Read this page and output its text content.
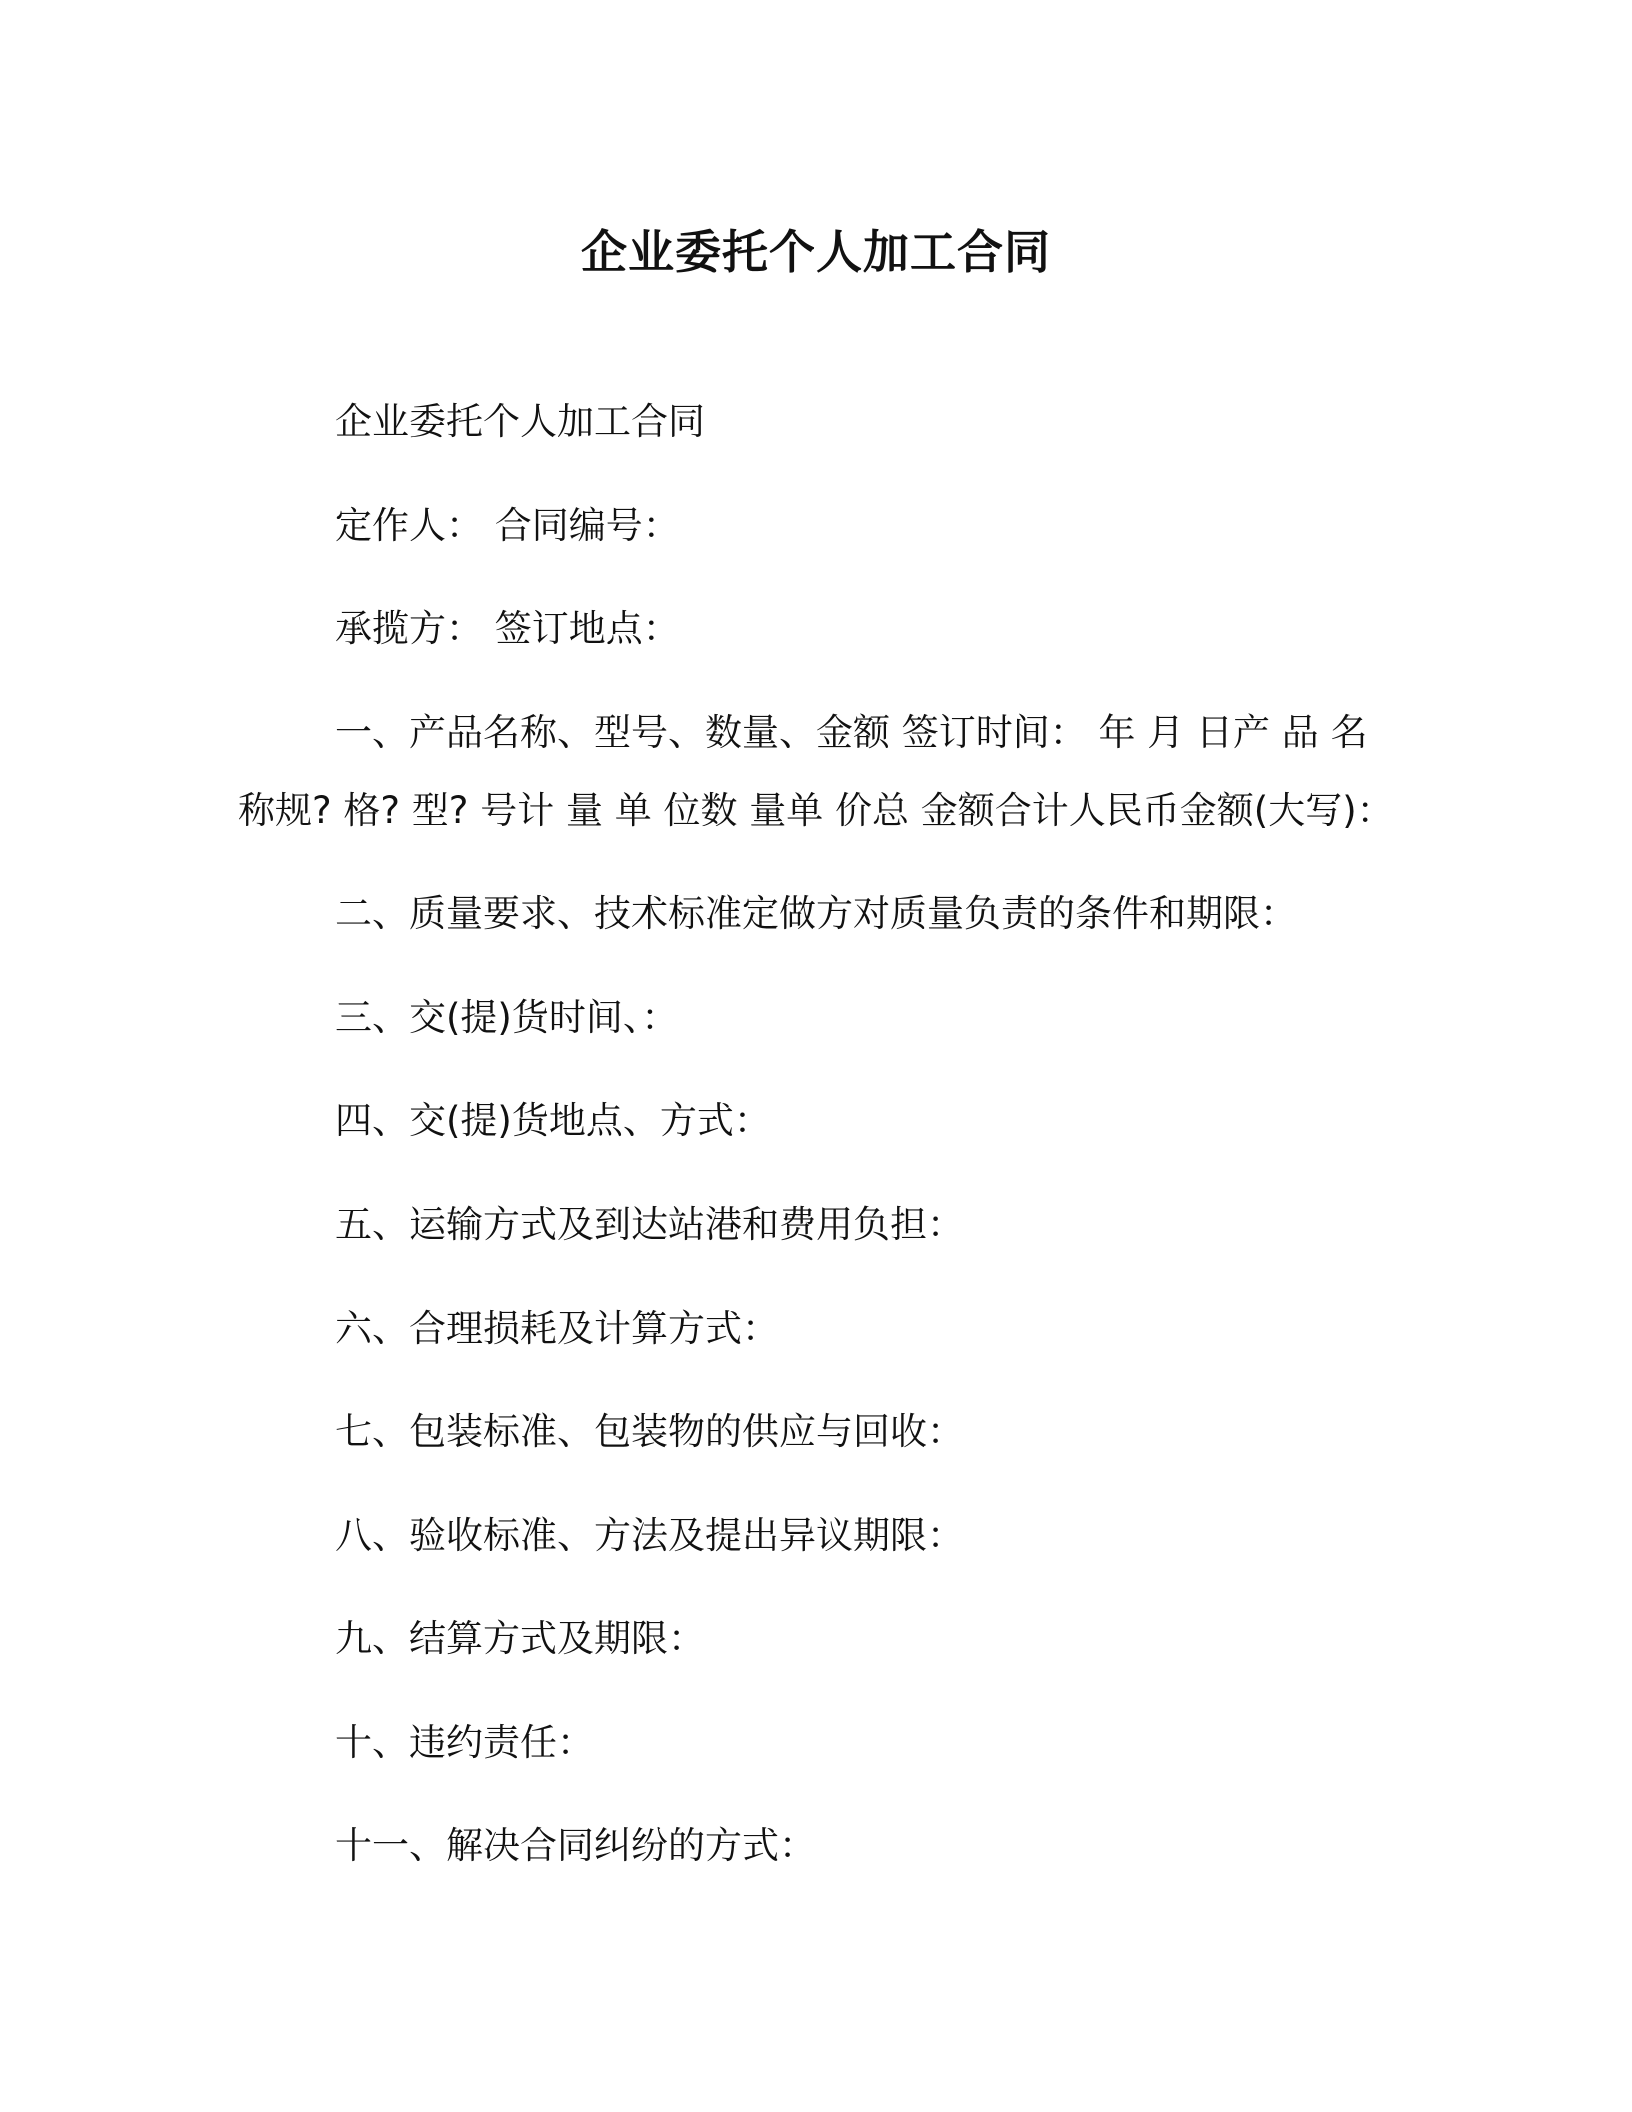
企业委托个人加工合同
企业委托个人加工合同
定作人： 合同编号：
承揽方： 签订地点：
一、产品名称、型号、数量、金额 签订时间： 年 月 日产 品 名
称规? 格? 型? 号计 量 单 位数 量单 价总 金额合计人民币金额(大写)：
二、质量要求、技术标准定做方对质量负责的条件和期限：
三、交(提)货时间、：
四、交(提)货地点、方式：
五、运输方式及到达站港和费用负担：
六、合理损耗及计算方式：
七、包装标准、包装物的供应与回收：
八、验收标准、方法及提出异议期限：
九、结算方式及期限：
十、违约责任：
十一、解决合同纠纷的方式：
